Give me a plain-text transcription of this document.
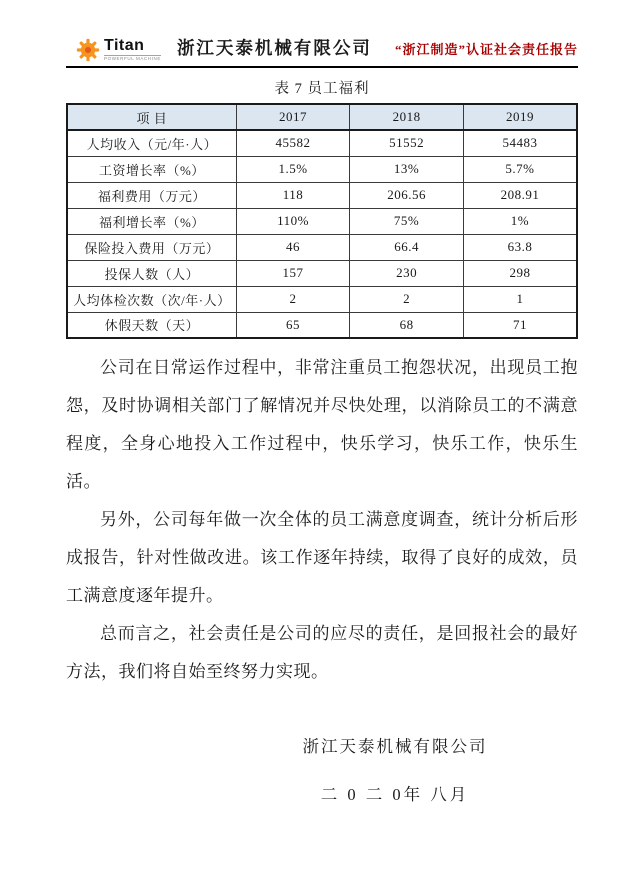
Titan
POWERFUL MACHINE
浙江天泰机械有限公司 “浙江制造”认证社会责任报告
表 7 员工福利
项 目	2017	2018	2019
人均收入（元/年·人）	45582	51552	54483
工资增长率（%）	1.5%	13%	5.7%
福利费用（万元）	118	206.56	208.91
福利增长率（%）	110%	75%	1%
保险投入费用（万元）	46	66.4	63.8
投保人数（人）	157	230	298
人均体检次数（次/年·人）	2	2	1
休假天数（天）	65	68	71

公司在日常运作过程中，非常注重员工抱怨状况，出现员工抱怨，及时协调相关部门了解情况并尽快处理，以消除员工的不满意程度，全身心地投入工作过程中，快乐学习，快乐工作，快乐生活。

另外，公司每年做一次全体的员工满意度调查，统计分析后形成报告，针对性做改进。该工作逐年持续，取得了良好的成效，员工满意度逐年提升。

总而言之，社会责任是公司的应尽的责任，是回报社会的最好方法，我们将自始至终努力实现。

浙江天泰机械有限公司
二 0 二 0年 八月
